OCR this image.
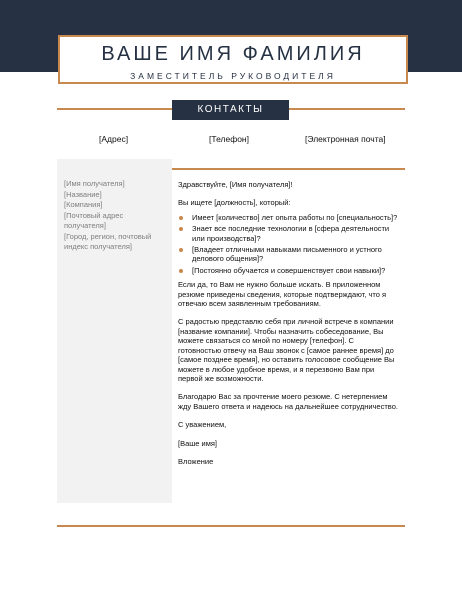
ВАШЕ ИМЯ ФАМИЛИЯ
ЗАМЕСТИТЕЛЬ РУКОВОДИТЕЛЯ
КОНТАКТЫ
[Адрес]	[Телефон]	[Электронная почта]
[Имя получателя]
[Название]
[Компания]
[Почтовый адрес
получателя]
[Город, регион, почтовый
индекс получателя]

Здравствуйте, [Имя получателя]!

Вы ищете [должность], который:

Имеет [количество] лет опыта работы по [специальность]?
Знает все последние технологии в [сфера деятельности или производства]?
[Владеет отличными навыками письменного и устного делового общения]?
[Постоянно обучается и совершенствует свои навыки]?

Если да, то Вам не нужно больше искать. В приложенном резюме приведены сведения, которые подтверждают, что я отвечаю всем заявленным требованиям.

С радостью представлю себя при личной встрече в компании [название компании]. Чтобы назначить собеседование, Вы можете связаться со мной по номеру [телефон]. С готовностью отвечу на Ваш звонок с [самое раннее время] до [самое позднее время], но оставить голосовое сообщение Вы можете в любое удобное время, и я перезвоню Вам при первой же возможности.

Благодарю Вас за прочтение моего резюме. С нетерпением жду Вашего ответа и надеюсь на дальнейшее сотрудничество.

С уважением,

[Ваше имя]

Вложение
